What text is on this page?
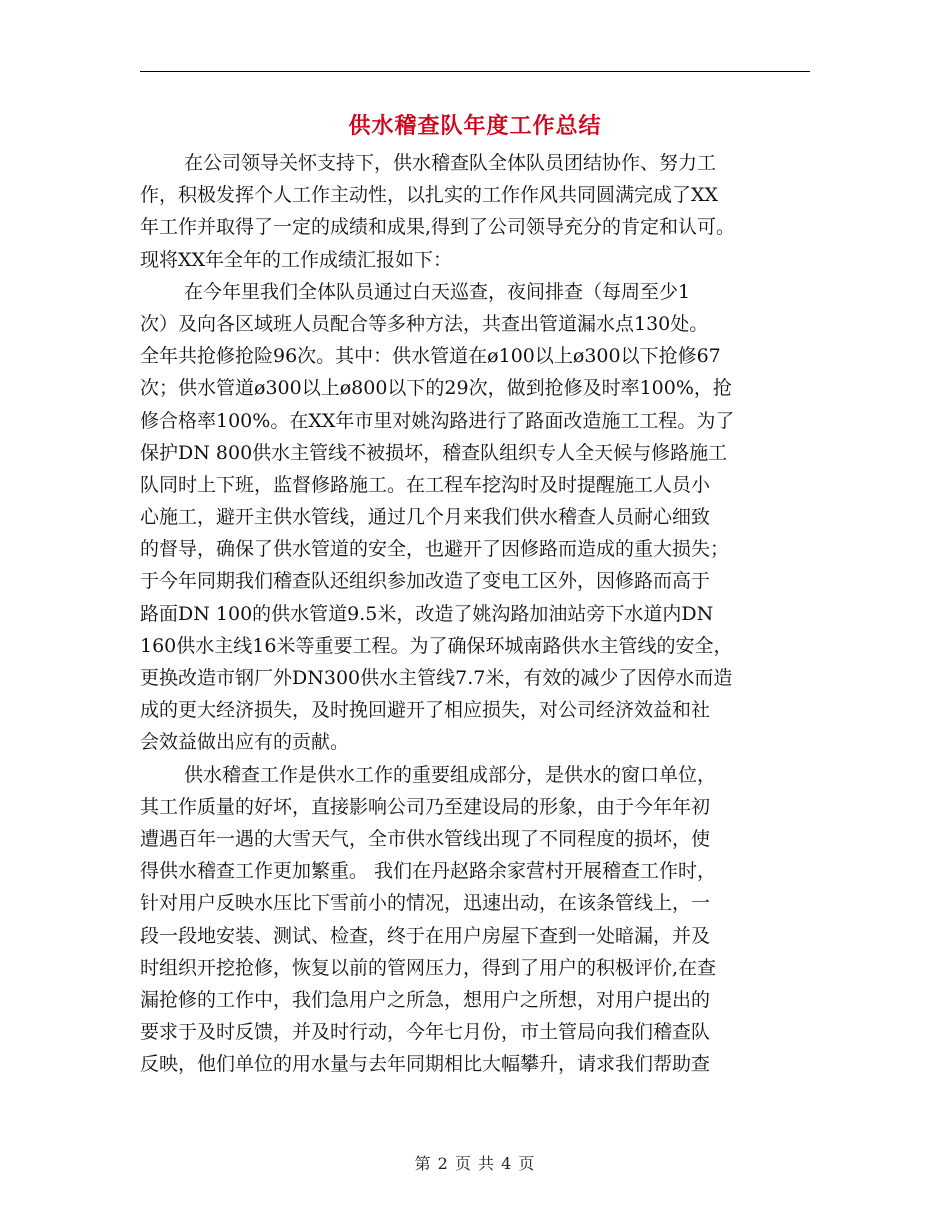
供水稽查队年度工作总结
在公司领导关怀支持下，供水稽查队全体队员团结协作、努力工
作，积极发挥个人工作主动性，以扎实的工作作风共同圆满完成了XX
年工作并取得了一定的成绩和成果,得到了公司领导充分的肯定和认可。
现将XX年全年的工作成绩汇报如下：
在今年里我们全体队员通过白天巡查，夜间排查（每周至少1
次）及向各区域班人员配合等多种方法，共查出管道漏水点130处。
全年共抢修抢险96次。其中：供水管道在ø100以上ø300以下抢修67
次；供水管道ø300以上ø800以下的29次，做到抢修及时率100%，抢
修合格率100%。在XX年市里对姚沟路进行了路面改造施工工程。为了
保护DN 800供水主管线不被损坏，稽查队组织专人全天候与修路施工
队同时上下班，监督修路施工。在工程车挖沟时及时提醒施工人员小
心施工，避开主供水管线，通过几个月来我们供水稽查人员耐心细致
的督导，确保了供水管道的安全，也避开了因修路而造成的重大损失；
于今年同期我们稽查队还组织参加改造了变电工区外，因修路而高于
路面DN 100的供水管道9.5米，改造了姚沟路加油站旁下水道内DN
160供水主线16米等重要工程。为了确保环城南路供水主管线的安全，
更换改造市钢厂外DN300供水主管线7.7米，有效的减少了因停水而造
成的更大经济损失，及时挽回避开了相应损失，对公司经济效益和社
会效益做出应有的贡献。
供水稽查工作是供水工作的重要组成部分，是供水的窗口单位，
其工作质量的好坏，直接影响公司乃至建设局的形象，由于今年年初
遭遇百年一遇的大雪天气，全市供水管线出现了不同程度的损坏，使
得供水稽查工作更加繁重。 我们在丹赵路余家营村开展稽查工作时，
针对用户反映水压比下雪前小的情况，迅速出动，在该条管线上，一
段一段地安装、测试、检查，终于在用户房屋下查到一处暗漏，并及
时组织开挖抢修，恢复以前的管网压力，得到了用户的积极评价,在查
漏抢修的工作中，我们急用户之所急，想用户之所想，对用户提出的
要求于及时反馈，并及时行动，今年七月份，市土管局向我们稽查队
反映，他们单位的用水量与去年同期相比大幅攀升，请求我们帮助查
第 2 页 共 4 页
